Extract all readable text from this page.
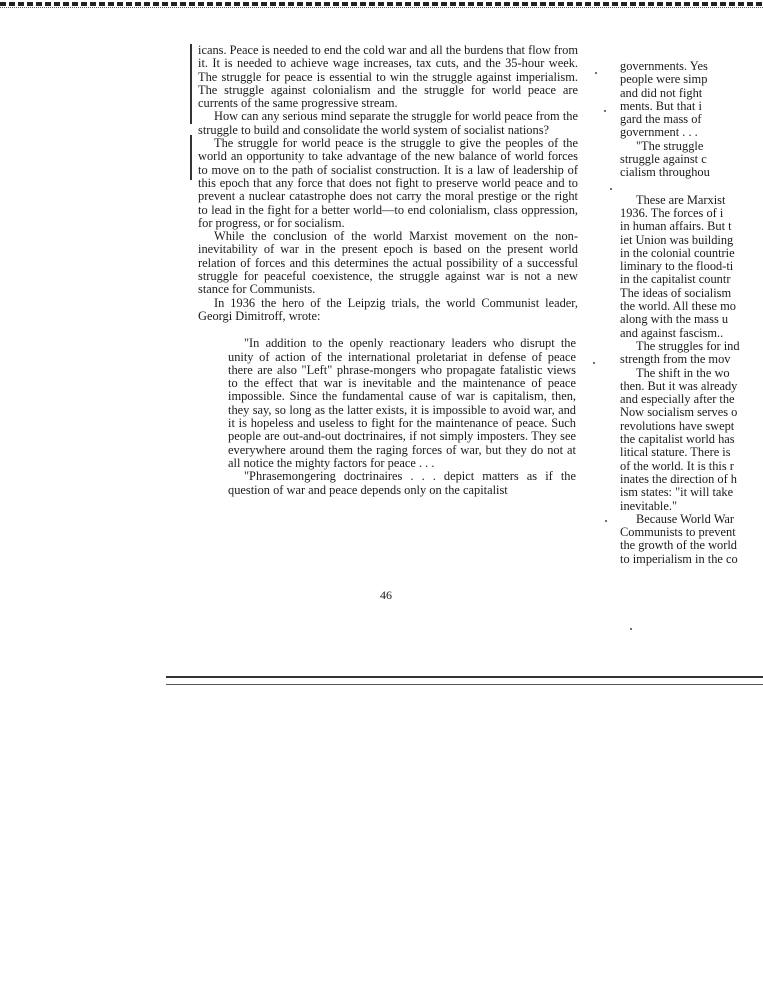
icans. Peace is needed to end the cold war and all the burdens that flow from it. It is needed to achieve wage increases, tax cuts, and the 35-hour week. The struggle for peace is essential to win the struggle against imperialism. The struggle against colonialism and the struggle for world peace are currents of the same progressive stream.

How can any serious mind separate the struggle for world peace from the struggle to build and consolidate the world system of socialist nations?

The struggle for world peace is the struggle to give the peoples of the world an opportunity to take advantage of the new balance of world forces to move on to the path of socialist construction. It is a law of leadership of this epoch that any force that does not fight to preserve world peace and to prevent a nuclear catastrophe does not carry the moral prestige or the right to lead in the fight for a better world—to end colonialism, class oppression, for progress, or for socialism.

While the conclusion of the world Marxist movement on the non-inevitability of war in the present epoch is based on the present world relation of forces and this determines the actual possibility of a successful struggle for peaceful coexistence, the struggle against war is not a new stance for Communists.

In 1936 the hero of the Leipzig trials, the world Communist leader, Georgi Dimitroff, wrote:

"In addition to the openly reactionary leaders who disrupt the unity of action of the international proletariat in defense of peace there are also "Left" phrase-mongers who propagate fatalistic views to the effect that war is inevitable and the maintenance of peace impossible. Since the fundamental cause of war is capitalism, then, they say, so long as the latter exists, it is impossible to avoid war, and it is hopeless and useless to fight for the maintenance of peace. Such people are out-and-out doctrinaires, if not simply imposters. They see everywhere around them the raging forces of war, but they do not at all notice the mighty factors for peace . . .

"Phrasemongering doctrinaires . . . depict matters as if the question of war and peace depends only on the capitalist

46
governments. Yes
people were simp
and did not fight
ments. But that i
gard the mass of
government . . .
"The struggle
struggle against c
cialism throughou
These are Marxist
1936. The forces of i
in human affairs. But t
iet Union was building
in the colonial countrie
liminary to the flood-ti
in the capitalist countr
The ideas of socialism
the world. All these mo
along with the mass u
and against fascism..
The struggles for ind
strength from the mov
The shift in the wo
then. But it was already
and especially after the
Now socialism serves o
revolutions have swept
the capitalist world has
litical stature. There is
of the world. It is this r
inates the direction of h
ism states: "it will take
inevitable."
Because World War
Communists to prevent
the growth of the world
to imperialism in the co
